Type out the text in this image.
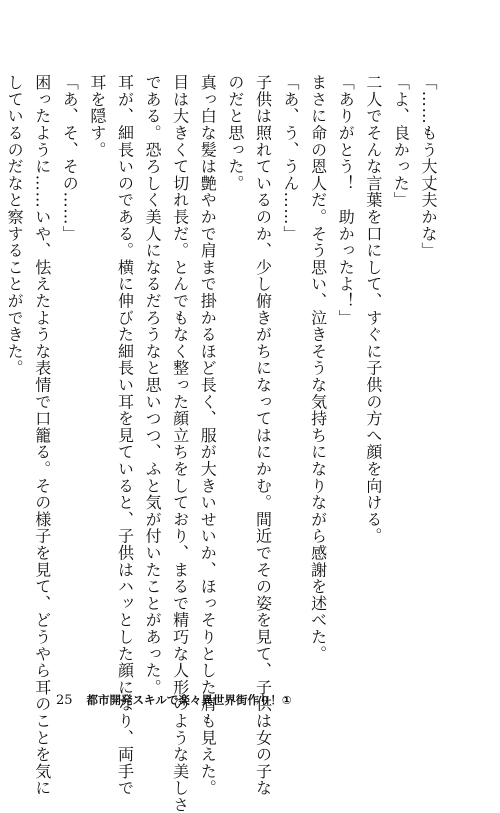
「……もう大丈夫かな」
「よ、良かった」
二人でそんな言葉を口にして、すぐに子供の方へ顔を向ける。
「ありがとう！　助かったよ！」
まさに命の恩人だ。そう思い、泣きそうな気持ちになりながら感謝を述べた。
「あ、う、うん……」
子供は照れているのか、少し俯きがちになってはにかむ。間近でその姿を見て、子供は女の子な
のだと思った。
真っ白な髪は艶やかで肩まで掛かるほど長く、服が大きいせいか、ほっそりとした肩も見えた。
目は大きくて切れ長だ。とんでもなく整った顔立ちをしており、まるで精巧な人形のような美しさ
である。恐ろしく美人になるだろうなと思いつつ、ふと気が付いたことがあった。
耳が、細長いのである。横に伸びた細長い耳を見ていると、子供はハッとした顔になり、両手で
耳を隠す。
「あ、そ、その……」
困ったように……いや、怯えたような表情で口籠る。その様子を見て、どうやら耳のことを気に
しているのだなと察することができた。
25 都市開発スキルで楽々異世界街作り！①
